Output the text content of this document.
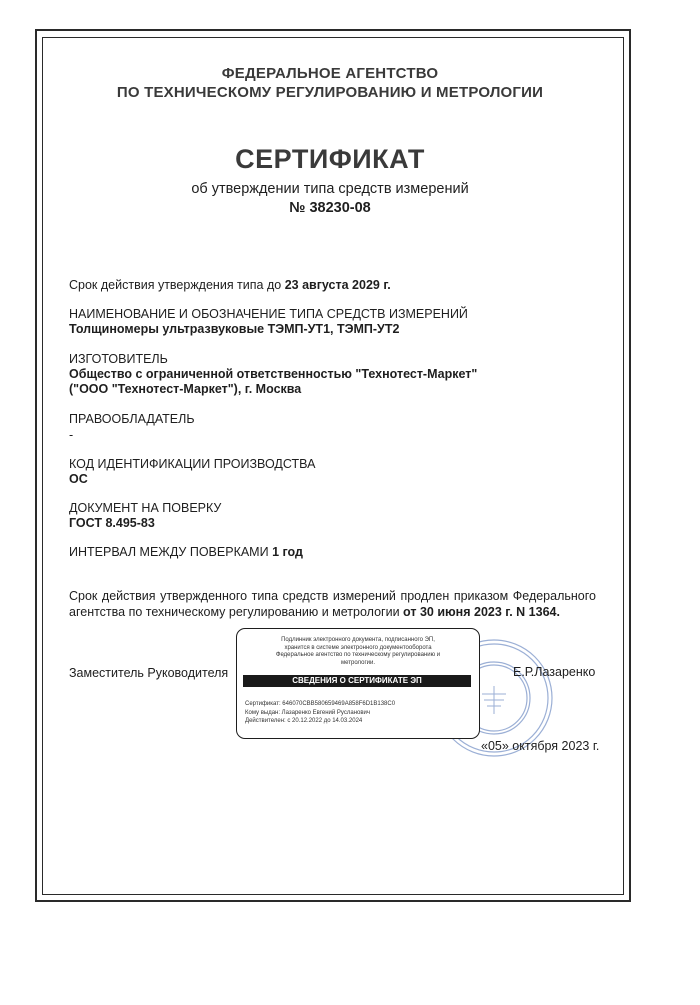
ФЕДЕРАЛЬНОЕ АГЕНТСТВО
ПО ТЕХНИЧЕСКОМУ РЕГУЛИРОВАНИЮ И МЕТРОЛОГИИ
СЕРТИФИКАТ
об утверждении типа средств измерений
№ 38230-08
Срок действия утверждения типа до 23 августа 2029 г.
НАИМЕНОВАНИЕ И ОБОЗНАЧЕНИЕ ТИПА СРЕДСТВ ИЗМЕРЕНИЙ
Толщиномеры ультразвуковые ТЭМП-УТ1, ТЭМП-УТ2
ИЗГОТОВИТЕЛЬ
Общество с ограниченной ответственностью "Технотест-Маркет"
("ООО "Технотест-Маркет"), г. Москва
ПРАВООБЛАДАТЕЛЬ
-
КОД ИДЕНТИФИКАЦИИ ПРОИЗВОДСТВА
ОС
ДОКУМЕНТ НА ПОВЕРКУ
ГОСТ 8.495-83
ИНТЕРВАЛ МЕЖДУ ПОВЕРКАМИ 1 год
Срок действия утвержденного типа средств измерений продлен приказом Федерального агентства по техническому регулированию и метрологии от 30 июня 2023 г. N 1364.
Заместитель Руководителя	Е.Р.Лазаренко
Подлинник электронного документа, подписанного ЭП,
хранится в системе электронного документооборота
Федеральное агентство по техническому регулированию и
метрологии.
СВЕДЕНИЯ О СЕРТИФИКАТЕ ЭП
Сертификат: 646070CBB580659469A858F6D1B138C0
Кому выдан: Лазаренко Евгений Русланович
Действителен: с 20.12.2022 до 14.03.2024
«05» октября 2023 г.
